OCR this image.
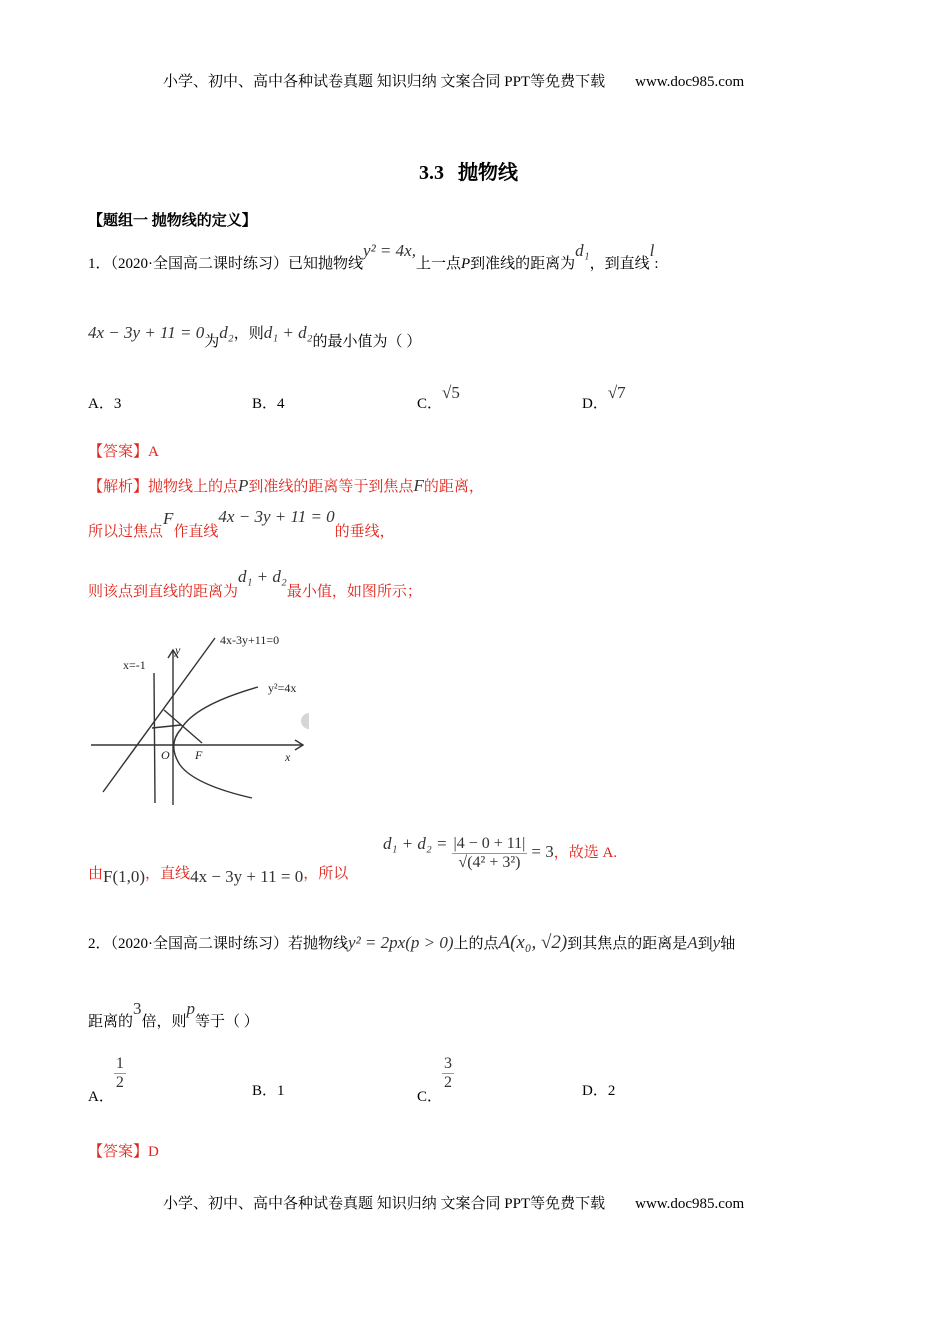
小学、初中、高中各种试卷真题 知识归纳 文案合同 PPT等免费下载 www.doc985.com
3.3 抛物线
【题组一 抛物线的定义】
1．（2020·全国高二课时练习）已知抛物线y² = 4x,上一点P到准线的距离为d₁，到直线l:
4x − 3y + 11 = 0为d₂，则d₁ + d₂的最小值为（ ）
A．3	B．4	C．√5
D．√7
【答案】A
【解析】抛物线上的点P到准线的距离等于到焦点F的距离，
所以过焦点F作直线4x − 3y + 11 = 0的垂线，
则该点到直线的距离为d₁ + d₂最小值，如图所示；
4x-3y+11=0
x=-1
y²=4x
y
x
O F
由F(1,0)，直线4x − 3y + 11 = 0，所以
$d_1 + d_2 = \frac{|4 - 0 + 11|}{\text{√(4² + 3²)}} = 3$，故选 A.
2．（2020·全国高二课时练习）若抛物线y² = 2px(p > 0)上的点A(x₀, √2)到其焦点的距离是A到y轴
距离的3倍，则p等于（ ）
A．
$\frac{1}{2}$	B．1	C．
$\frac{3}{2}$	D．2
【答案】D
小学、初中、高中各种试卷真题 知识归纳 文案合同 PPT等免费下载 www.doc985.com
